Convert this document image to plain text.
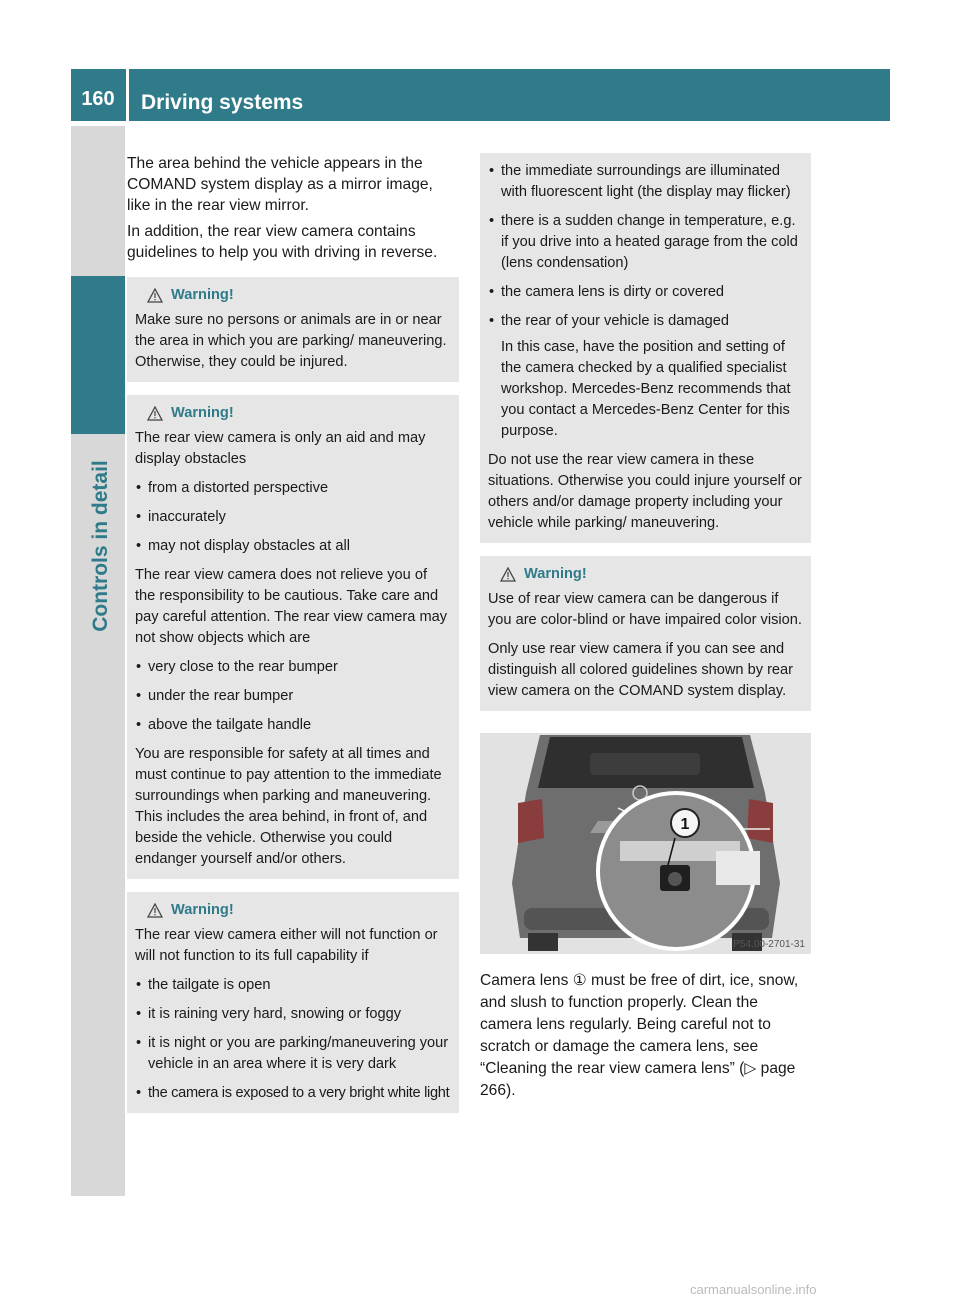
160	Driving systems
Controls in detail

The area behind the vehicle appears in the COMAND system display as a mirror image, like in the rear view mirror.

In addition, the rear view camera contains guidelines to help you with driving in reverse.

Warning!

Make sure no persons or animals are in or near the area in which you are parking/ maneuvering. Otherwise, they could be injured.

Warning!

The rear view camera is only an aid and may display obstacles

• from a distorted perspective
• inaccurately
• may not display obstacles at all

The rear view camera does not relieve you of the responsibility to be cautious. Take care and pay careful attention. The rear view camera may not show objects which are

• very close to the rear bumper
• under the rear bumper
• above the tailgate handle

You are responsible for safety at all times and must continue to pay attention to the immediate surroundings when parking and maneuvering. This includes the area behind, in front of, and beside the vehicle. Otherwise you could endanger yourself and/or others.

Warning!

The rear view camera either will not function or will not function to its full capability if

• the tailgate is open
• it is raining very hard, snowing or foggy
• it is night or you are parking/maneuvering your vehicle in an area where it is very dark
• the camera is exposed to a very bright white light
• the immediate surroundings are illuminated with fluorescent light (the display may flicker)
• there is a sudden change in temperature, e.g. if you drive into a heated garage from the cold (lens condensation)
• the camera lens is dirty or covered
• the rear of your vehicle is damaged

In this case, have the position and setting of the camera checked by a qualified specialist workshop. Mercedes-Benz recommends that you contact a Mercedes-Benz Center for this purpose.

Do not use the rear view camera in these situations. Otherwise you could injure yourself or others and/or damage property including your vehicle while parking/ maneuvering.

Warning!

Use of rear view camera can be dangerous if you are color-blind or have impaired color vision.

Only use rear view camera if you can see and distinguish all colored guidelines shown by rear view camera on the COMAND system display.

1
P54.00-2701-31
Camera lens ① must be free of dirt, ice, snow, and slush to function properly. Clean the camera lens regularly. Being careful not to scratch or damage the camera lens, see “Cleaning the rear view camera lens” (▷ page 266).
carmanualsonline.info
